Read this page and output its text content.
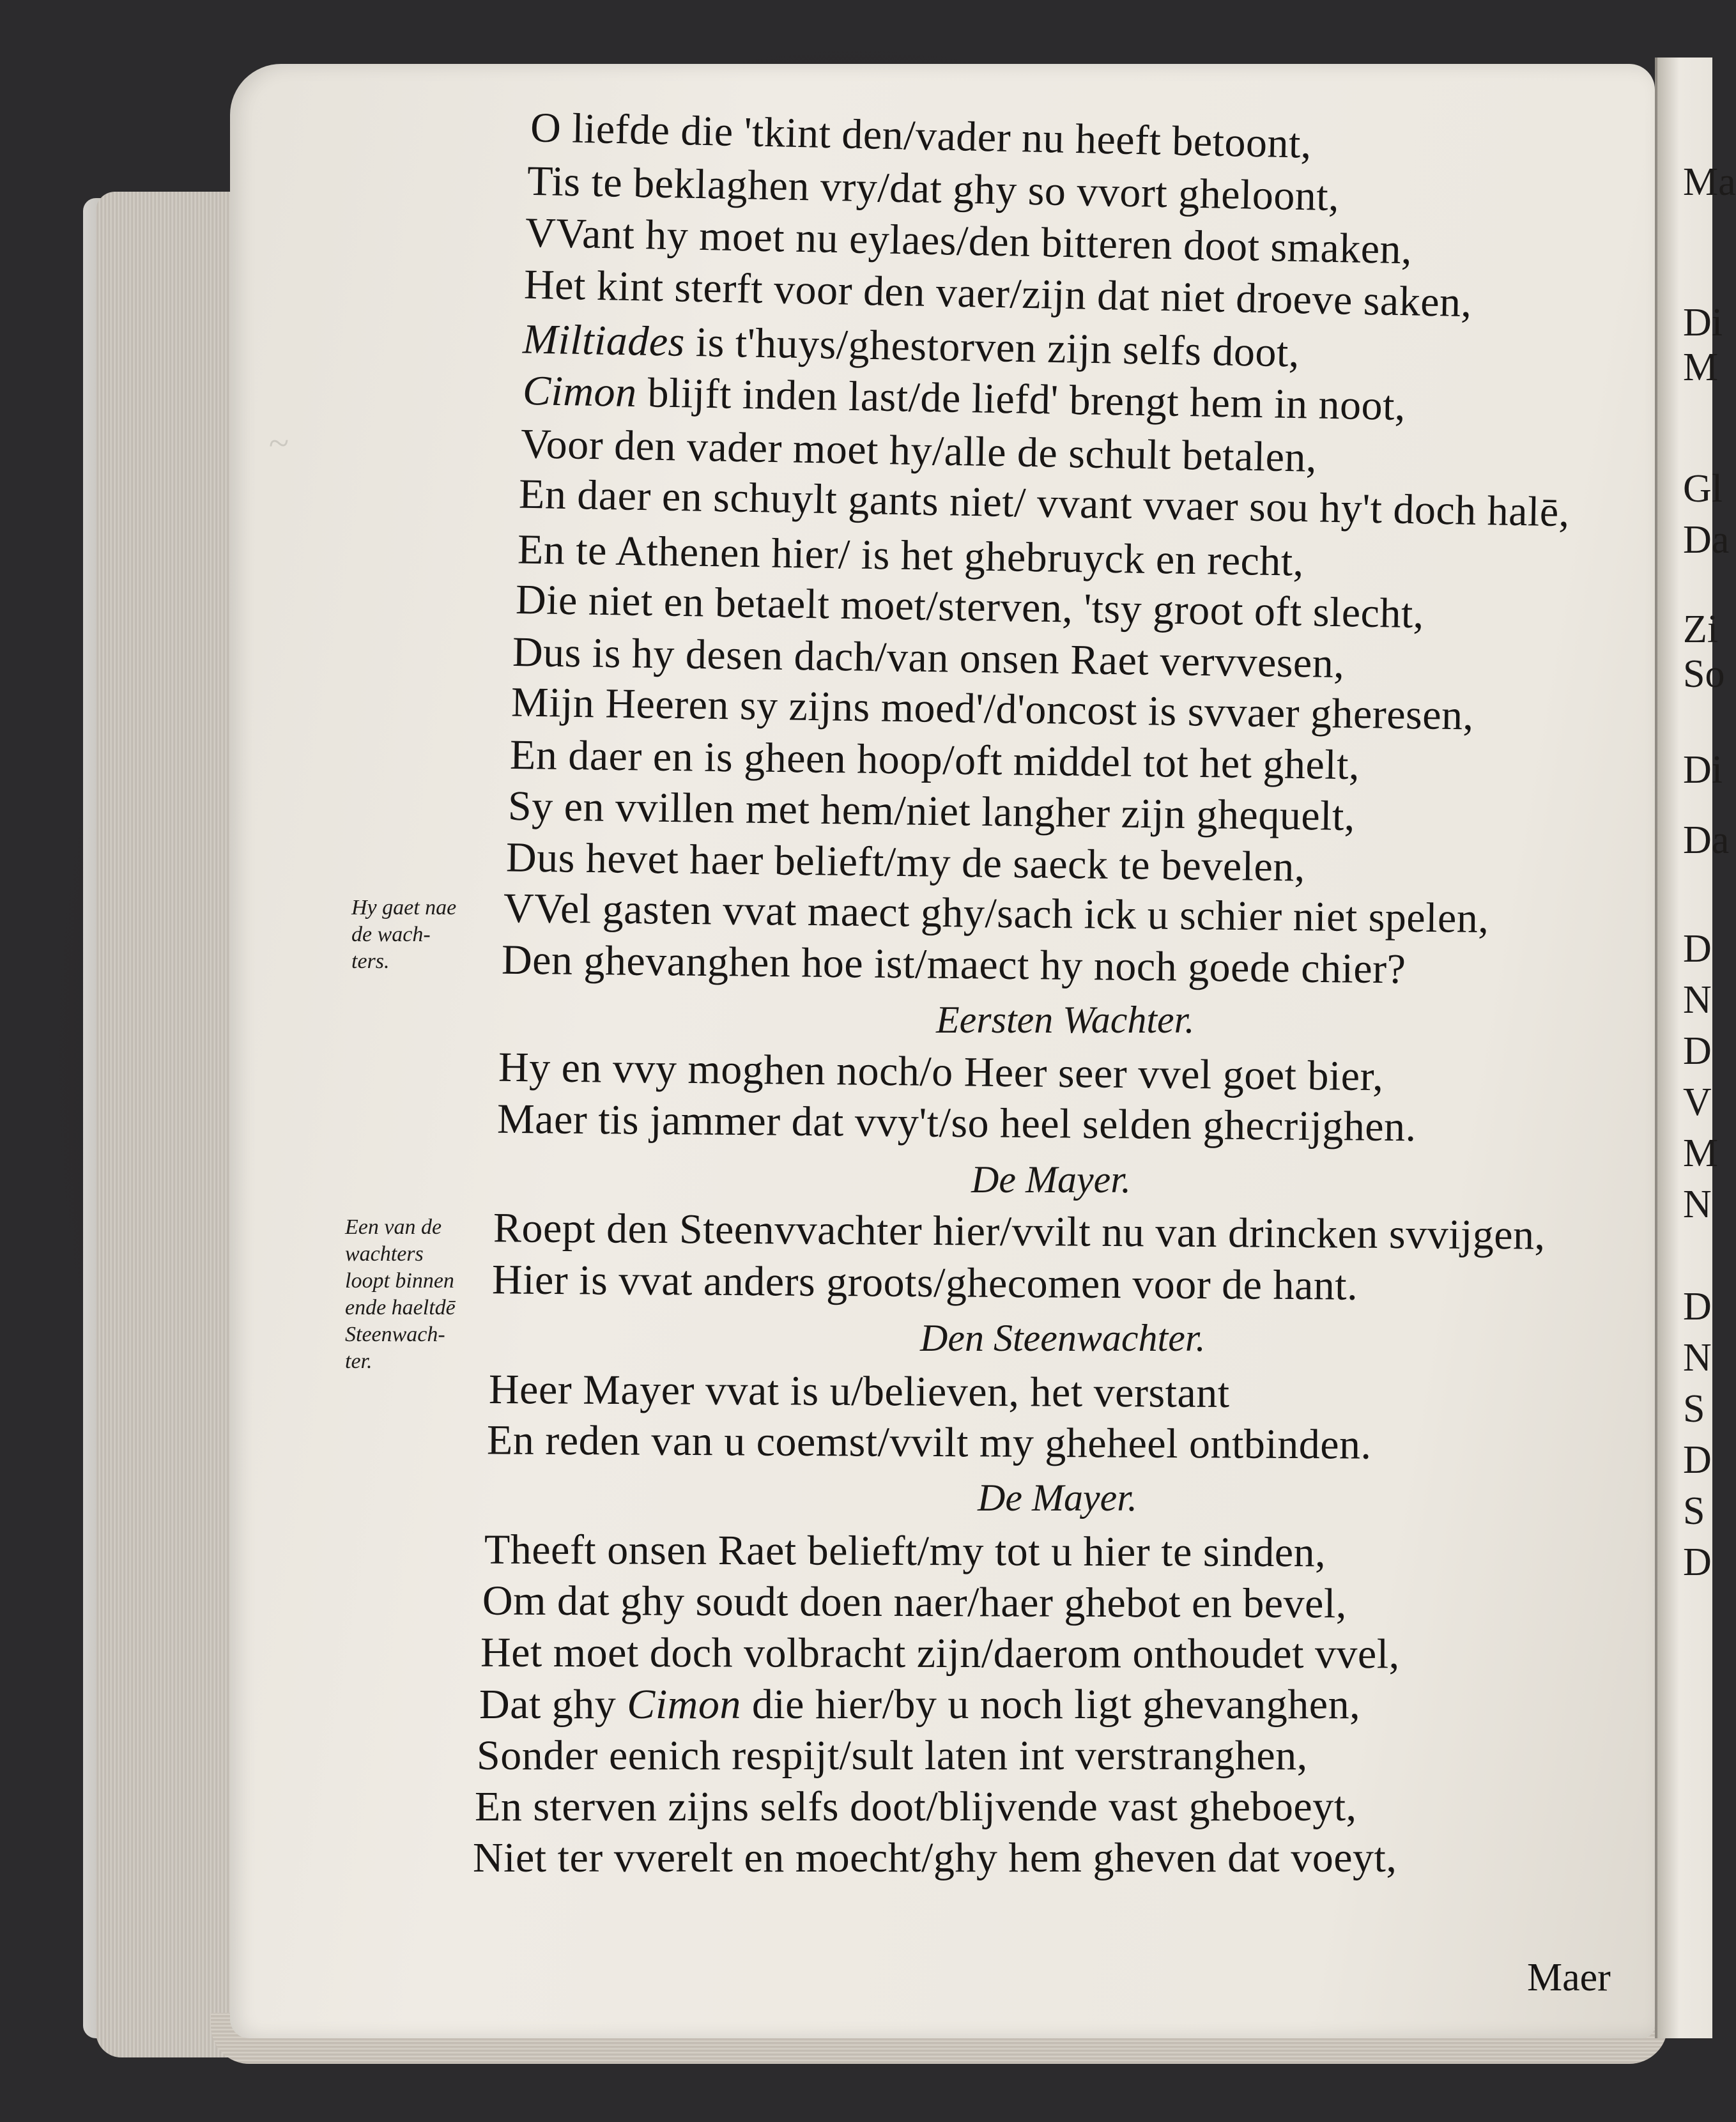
Ma
Di
M
Gl
Da
Zi
So
Di
Da
D
N
D
V
M
N
D
N
S
D
S
D
~
O liefde die 'tkint den/vader nu heeft betoont,
Tis te beklaghen vry/dat ghy so vvort gheloont,
VVant hy moet nu eylaes/den bitteren doot smaken,
Het kint sterft voor den vaer/zijn dat niet droeve saken,
Miltiades is t'huys/ghestorven zijn selfs doot,
Cimon blijft inden last/de liefd' brengt hem in noot,
Voor den vader moet hy/alle de schult betalen,
En daer en schuylt gants niet/ vvant vvaer sou hy't doch halē,
En te Athenen hier/ is het ghebruyck en recht,
Die niet en betaelt moet/sterven, 'tsy groot oft slecht,
Dus is hy desen dach/van onsen Raet vervvesen,
Mijn Heeren sy zijns moed'/d'oncost is svvaer gheresen,
En daer en is gheen hoop/oft middel tot het ghelt,
Sy en vvillen met hem/niet langher zijn ghequelt,
Dus hevet haer belieft/my de saeck te bevelen,
VVel gasten vvat maect ghy/sach ick u schier niet spelen,
Den ghevanghen hoe ist/maect hy noch goede chier?
Eersten Wachter.
Hy en vvy moghen noch/o Heer seer vvel goet bier,
Maer tis jammer dat vvy't/so heel selden ghecrijghen.
De Mayer.
Roept den Steenvvachter hier/vvilt nu van drincken svvijgen,
Hier is vvat anders groots/ghecomen voor de hant.
Den Steenwachter.
Heer Mayer vvat is u/believen, het verstant
En reden van u coemst/vvilt my gheheel ontbinden.
De Mayer.
Theeft onsen Raet belieft/my tot u hier te sinden,
Om dat ghy soudt doen naer/haer ghebot en bevel,
Het moet doch volbracht zijn/daerom onthoudet vvel,
Dat ghy Cimon die hier/by u noch ligt ghevanghen,
Sonder eenich respijt/sult laten int verstranghen,
En sterven zijns selfs doot/blijvende vast gheboeyt,
Niet ter vverelt en moecht/ghy hem gheven dat voeyt,
Hy gaet nae
de wach-
ters.
Een van de
wachters
loopt binnen
ende haeltdē
Steenwach-
ter.
Maer
